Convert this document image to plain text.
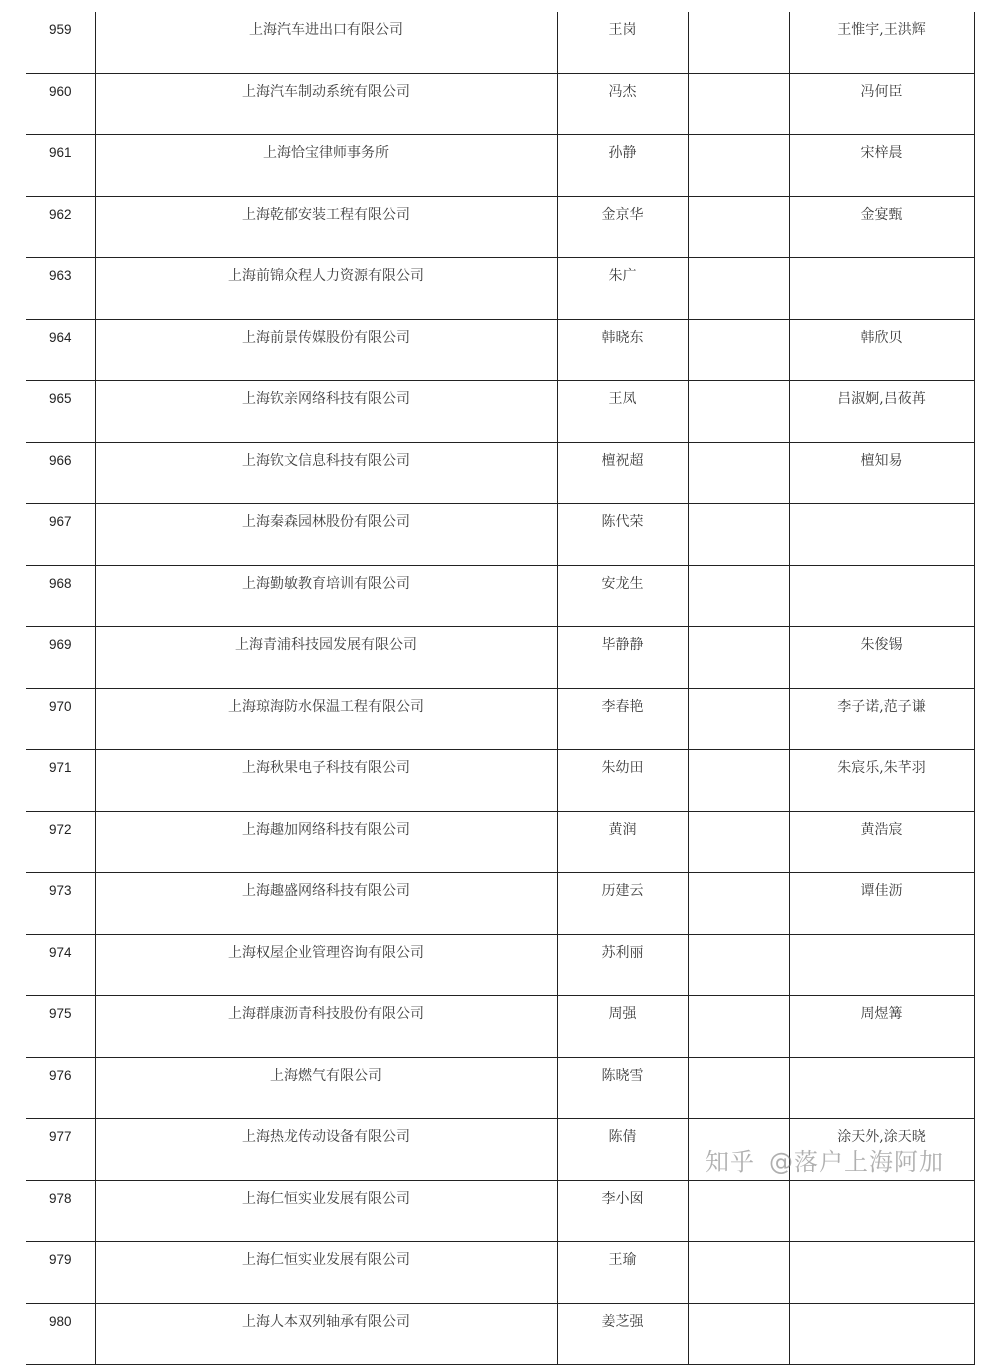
959	上海汽车进出口有限公司	王岗		王惟宇,王洪辉
960	上海汽车制动系统有限公司	冯杰		冯何臣
961	上海恰宝律师事务所	孙静		宋梓晨
962	上海乾郁安装工程有限公司	金京华		金宴甄
963	上海前锦众程人力资源有限公司	朱广		
964	上海前景传媒股份有限公司	韩晓东		韩欣贝
965	上海钦亲网络科技有限公司	王凤		吕淑婀,吕莜苒
966	上海钦文信息科技有限公司	檀祝超		檀知易
967	上海秦森园林股份有限公司	陈代荣		
968	上海勤敏教育培训有限公司	安龙生		
969	上海青浦科技园发展有限公司	毕静静		朱俊锡
970	上海琼海防水保温工程有限公司	李春艳		李子诺,范子谦
971	上海秋果电子科技有限公司	朱幼田		朱宸乐,朱芊羽
972	上海趣加网络科技有限公司	黄润		黄浩宸
973	上海趣盛网络科技有限公司	历建云		谭佳沥
974	上海权屋企业管理咨询有限公司	苏利丽		
975	上海群康沥青科技股份有限公司	周强		周煜篝
976	上海燃气有限公司	陈晓雪		
977	上海热龙传动设备有限公司	陈倩		涂天外,涂天晓
978	上海仁恒实业发展有限公司	李小囡		
979	上海仁恒实业发展有限公司	王瑜		
980	上海人本双列轴承有限公司	姜芝强		
知乎 @落户上海阿加
